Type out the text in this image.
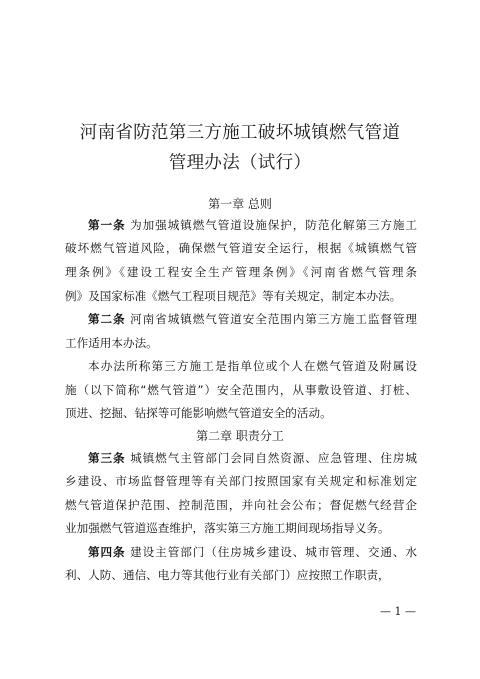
河南省防范第三方施工破坏城镇燃气管道
管理办法（试行）
第一章 总则
第一条 为加强城镇燃气管道设施保护，防范化解第三方施工
破坏燃气管道风险，确保燃气管道安全运行，根据《城镇燃气管
理条例》《建设工程安全生产管理条例》《河南省燃气管理条
例》及国家标准《燃气工程项目规范》等有关规定，制定本办法。
第二条 河南省城镇燃气管道安全范围内第三方施工监督管理
工作适用本办法。
本办法所称第三方施工是指单位或个人在燃气管道及附属设
施（以下简称“燃气管道”）安全范围内，从事敷设管道、打桩、
顶进、挖掘、钻探等可能影响燃气管道安全的活动。
第二章 职责分工
第三条 城镇燃气主管部门会同自然资源、应急管理、住房城
乡建设、市场监督管理等有关部门按照国家有关规定和标准划定
燃气管道保护范围、控制范围，并向社会公布；督促燃气经营企
业加强燃气管道巡查维护，落实第三方施工期间现场指导义务。
第四条 建设主管部门（住房城乡建设、城市管理、交通、水
利、人防、通信、电力等其他行业有关部门）应按照工作职责，
— 1 —
